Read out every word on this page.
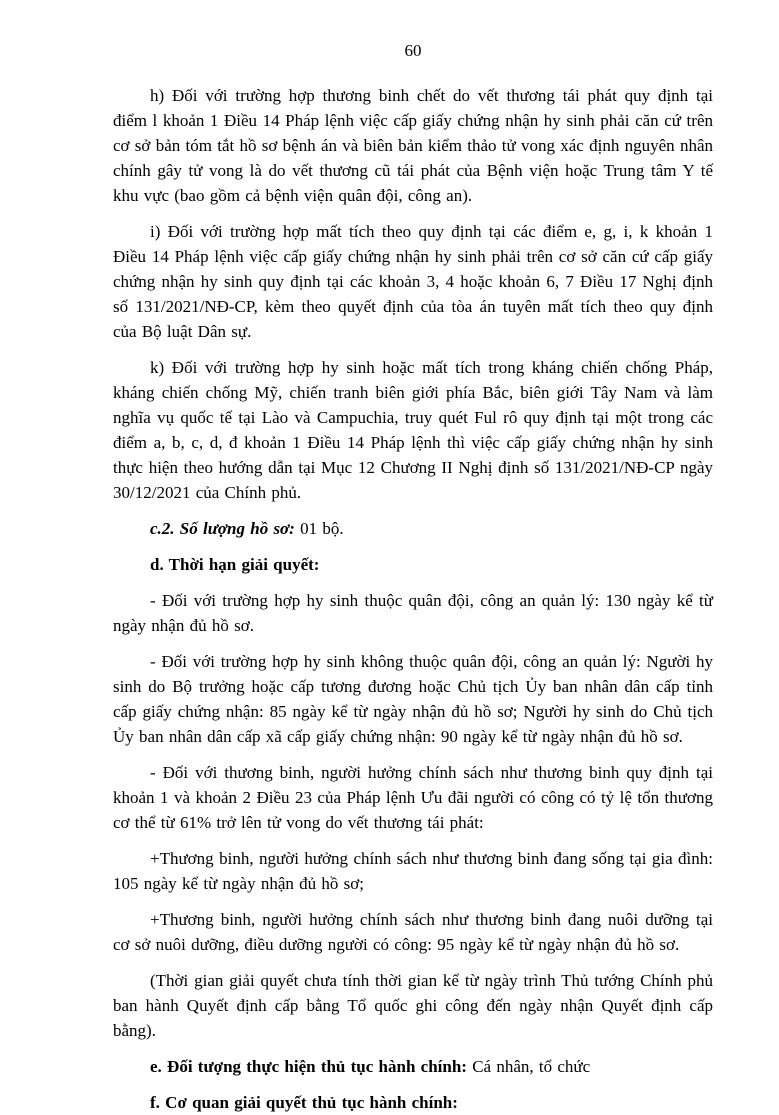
60

h) Đối với trường hợp thương binh chết do vết thương tái phát quy định tại điểm l khoản 1 Điều 14 Pháp lệnh việc cấp giấy chứng nhận hy sinh phải căn cứ trên cơ sở bản tóm tắt hồ sơ bệnh án và biên bản kiểm thảo tử vong xác định nguyên nhân chính gây tử vong là do vết thương cũ tái phát của Bệnh viện hoặc Trung tâm Y tế khu vực (bao gồm cả bệnh viện quân đội, công an).

i) Đối với trường hợp mất tích theo quy định tại các điểm e, g, i, k khoản 1 Điều 14 Pháp lệnh việc cấp giấy chứng nhận hy sinh phải trên cơ sở căn cứ cấp giấy chứng nhận hy sinh quy định tại các khoản 3, 4 hoặc khoản 6, 7 Điều 17 Nghị định số 131/2021/NĐ-CP, kèm theo quyết định của tòa án tuyên mất tích theo quy định của Bộ luật Dân sự.

k) Đối với trường hợp hy sinh hoặc mất tích trong kháng chiến chống Pháp, kháng chiến chống Mỹ, chiến tranh biên giới phía Bắc, biên giới Tây Nam và làm nghĩa vụ quốc tế tại Lào và Campuchia, truy quét Ful rô quy định tại một trong các điểm a, b, c, d, đ khoản 1 Điều 14 Pháp lệnh thì việc cấp giấy chứng nhận hy sinh thực hiện theo hướng dẫn tại Mục 12 Chương II Nghị định số 131/2021/NĐ-CP ngày 30/12/2021 của Chính phủ.

c.2. Số lượng hồ sơ: 01 bộ.

d. Thời hạn giải quyết:

- Đối với trường hợp hy sinh thuộc quân đội, công an quản lý: 130 ngày kể từ ngày nhận đủ hồ sơ.

- Đối với trường hợp hy sinh không thuộc quân đội, công an quản lý: Người hy sinh do Bộ trưởng hoặc cấp tương đương hoặc Chủ tịch Ủy ban nhân dân cấp tỉnh cấp giấy chứng nhận: 85 ngày kể từ ngày nhận đủ hồ sơ; Người hy sinh do Chủ tịch Ủy ban nhân dân cấp xã cấp giấy chứng nhận: 90 ngày kể từ ngày nhận đủ hồ sơ.

- Đối với thương binh, người hưởng chính sách như thương binh quy định tại khoản 1 và khoản 2 Điều 23 của Pháp lệnh Ưu đãi người có công có tỷ lệ tổn thương cơ thể từ 61% trở lên tử vong do vết thương tái phát:

+Thương binh, người hưởng chính sách như thương binh đang sống tại gia đình: 105 ngày kể từ ngày nhận đủ hồ sơ;

+Thương binh, người hưởng chính sách như thương binh đang nuôi dưỡng tại cơ sở nuôi dưỡng, điều dưỡng người có công: 95 ngày kể từ ngày nhận đủ hồ sơ.

(Thời gian giải quyết chưa tính thời gian kể từ ngày trình Thủ tướng Chính phủ ban hành Quyết định cấp bằng Tổ quốc ghi công đến ngày nhận Quyết định cấp bằng).

e. Đối tượng thực hiện thủ tục hành chính: Cá nhân, tổ chức

f. Cơ quan giải quyết thủ tục hành chính:
